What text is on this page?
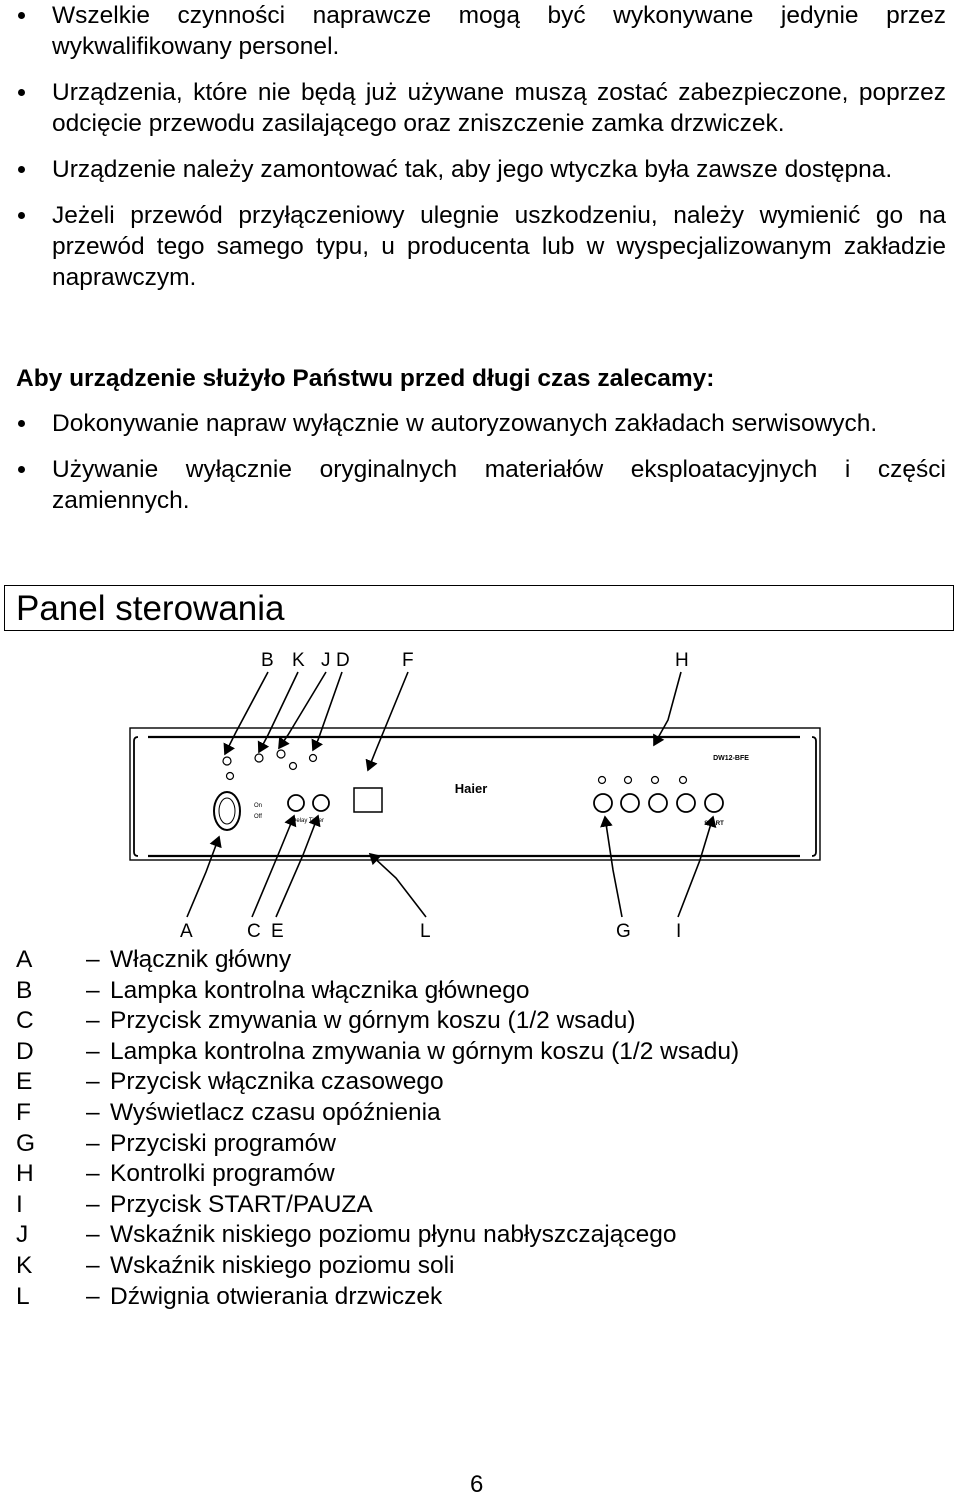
Wszelkie czynności naprawcze mogą być wykonywane jedynie przez wykwalifikowany personel.
Urządzenia, które nie będą już używane muszą zostać zabezpieczone, poprzez odcięcie przewodu zasilającego oraz zniszczenie zamka drzwiczek.
Urządzenie należy zamontować tak, aby jego wtyczka była zawsze dostępna.
Jeżeli przewód przyłączeniowy ulegnie uszkodzeniu, należy wymienić go na przewód tego samego typu, u producenta lub w wyspecjalizowanym zakładzie naprawczym.
Aby urządzenie służyło Państwu przed długi czas zalecamy:
Dokonywanie napraw wyłącznie w autoryzowanych zakładach serwisowych.
Używanie wyłącznie oryginalnych materiałów eksploatacyjnych i części zamiennych.
Panel sterowania
B K J D	F	H
On
Off
Delay Timer
Haier
DW12-BFE
START
A	C E	L	G I
A	– Włącznik główny
B	– Lampka kontrolna włącznika głównego
C	– Przycisk zmywania w górnym koszu (1/2 wsadu)
D	– Lampka kontrolna zmywania w górnym koszu (1/2 wsadu)
E	– Przycisk włącznika czasowego
F	– Wyświetlacz czasu opóźnienia
G	– Przyciski programów
H	– Kontrolki programów
I	– Przycisk START/PAUZA
J	– Wskaźnik niskiego poziomu płynu nabłyszczającego
K	– Wskaźnik niskiego poziomu soli
L	– Dźwignia otwierania drzwiczek
6
